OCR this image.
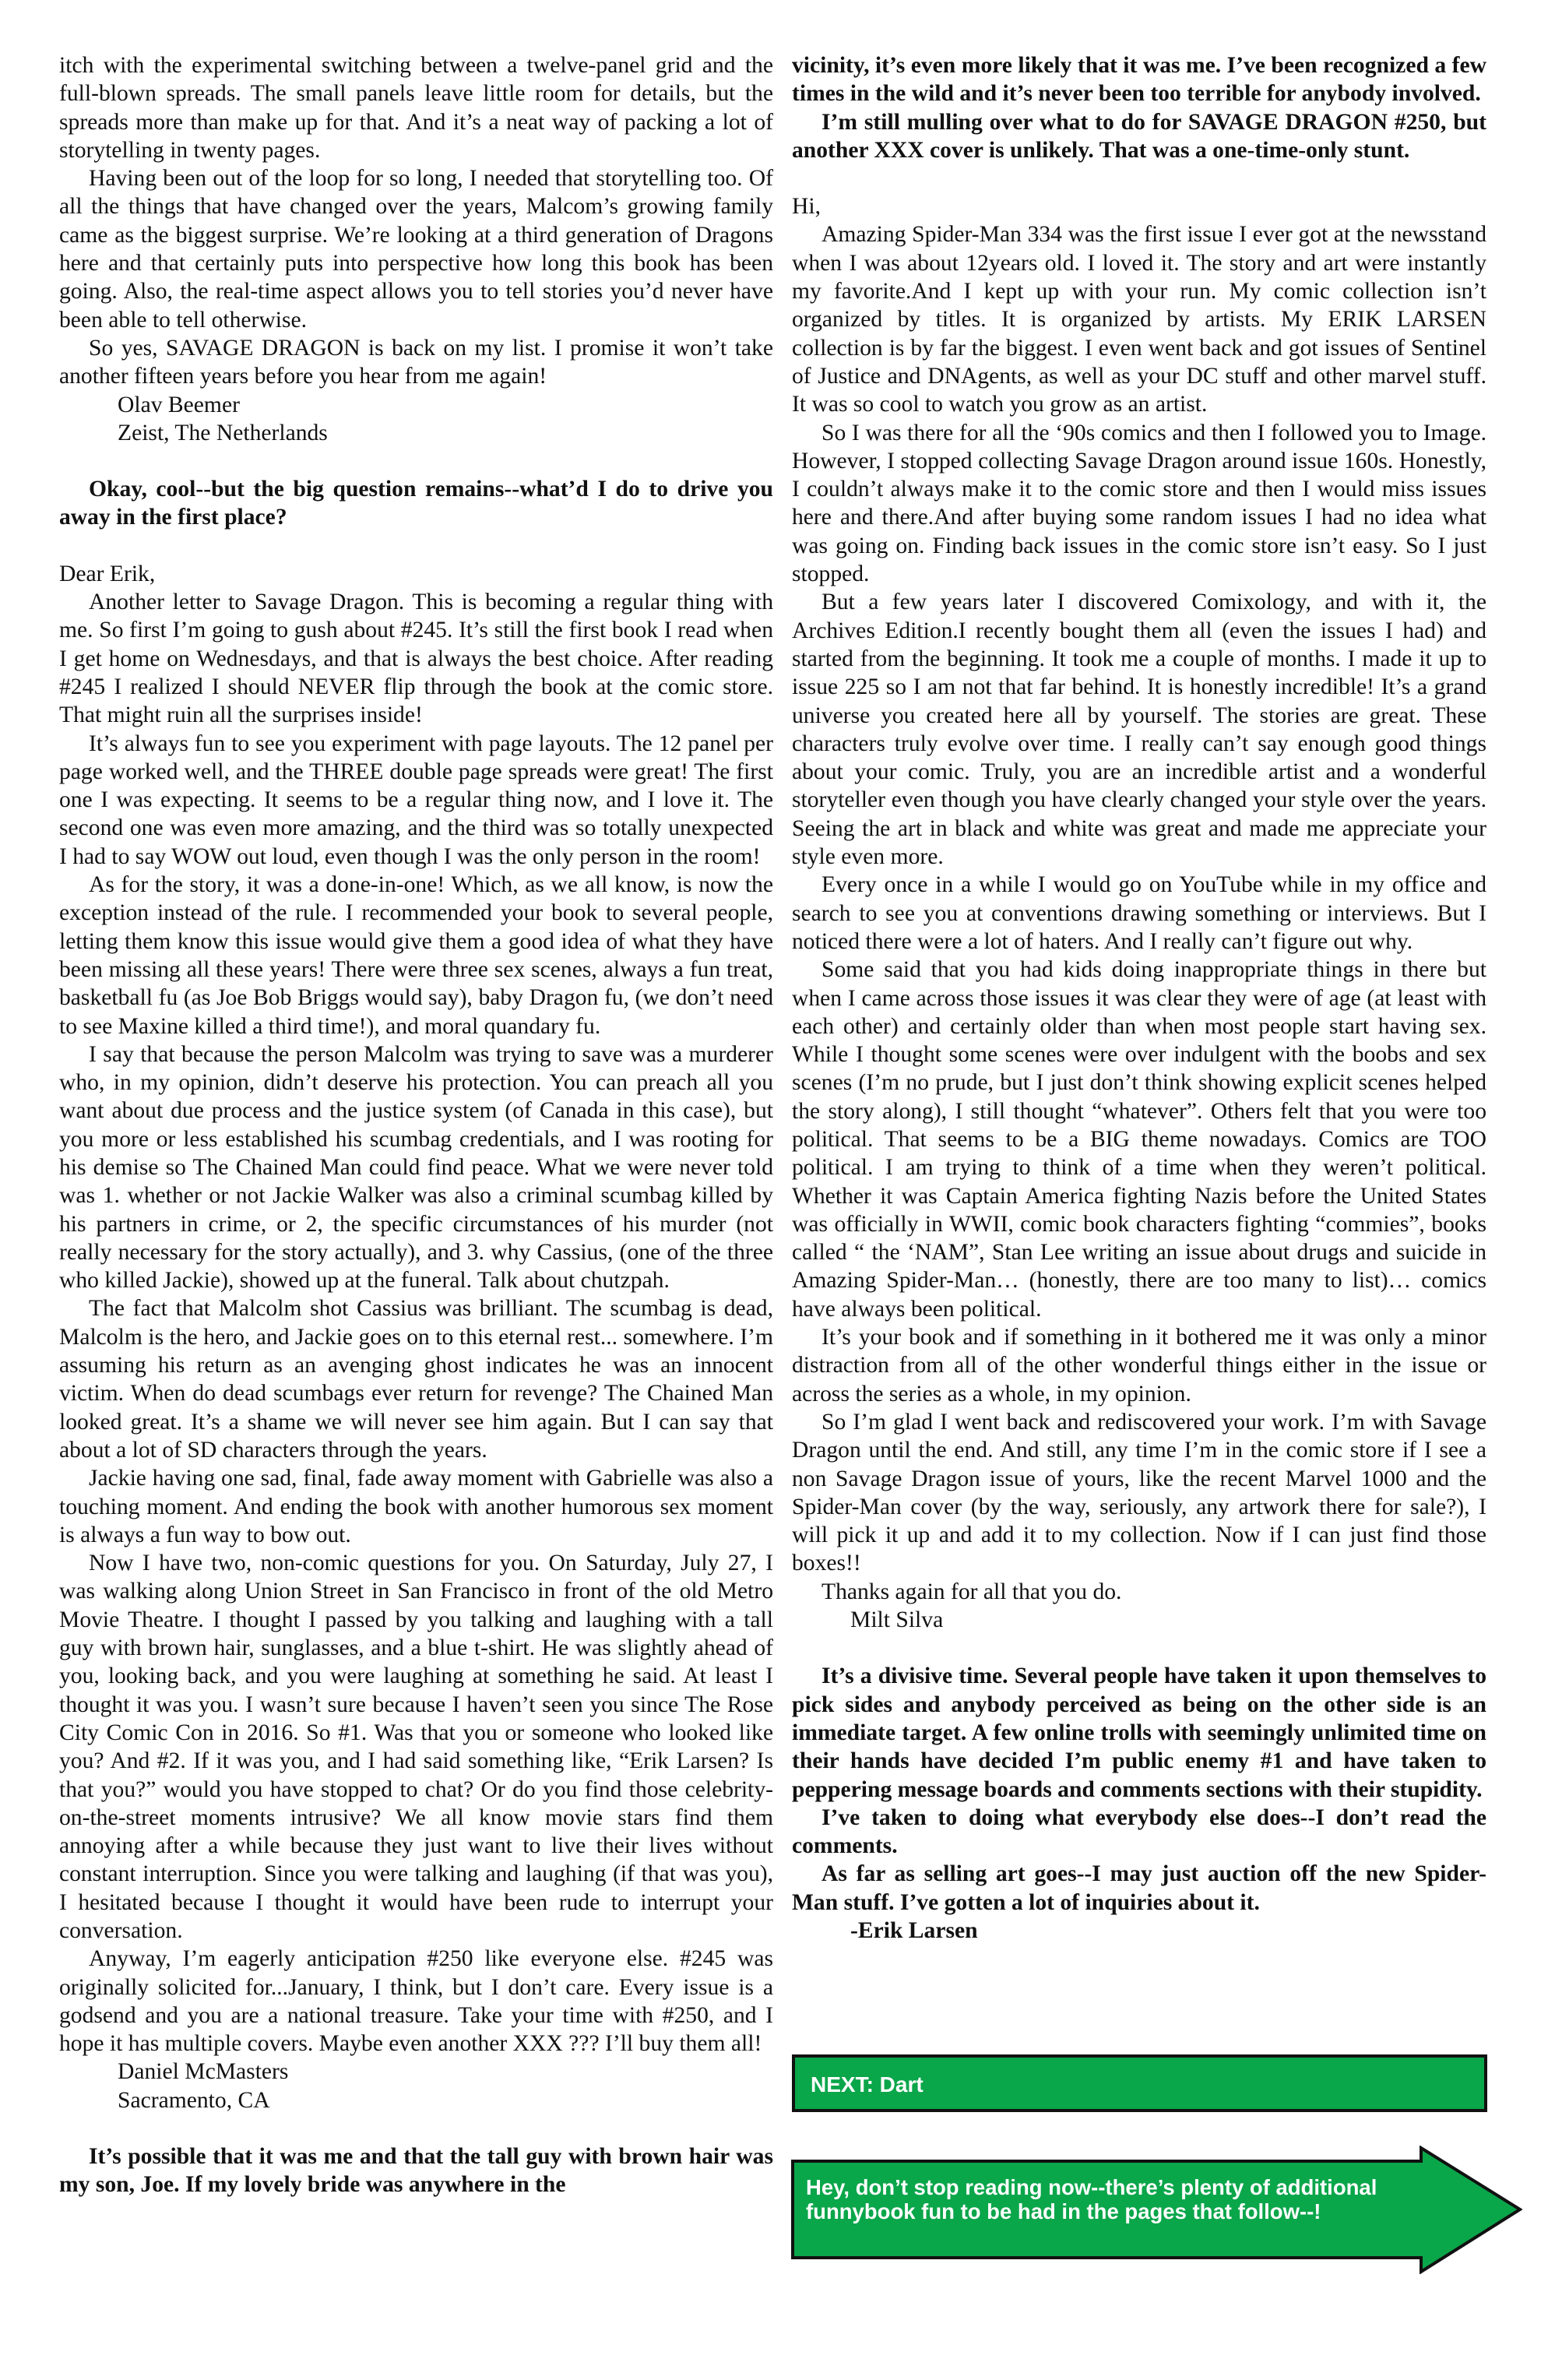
itch with the experimental switching between a twelve-panel grid and the full-blown spreads. The small panels leave little room for details, but the spreads more than make up for that. And it’s a neat way of packing a lot of storytelling in twenty pages.

Having been out of the loop for so long, I needed that storytelling too. Of all the things that have changed over the years, Malcom’s growing family came as the biggest surprise. We’re looking at a third generation of Dragons here and that certainly puts into perspective how long this book has been going. Also, the real-time aspect allows you to tell stories you’d never have been able to tell otherwise.

So yes, SAVAGE DRAGON is back on my list. I promise it won’t take another fifteen years before you hear from me again!

Olav Beemer

Zeist, The Netherlands

Okay, cool--but the big question remains--what’d I do to drive you away in the first place?

Dear Erik,

Another letter to Savage Dragon. This is becoming a regular thing with me. So first I’m going to gush about #245. It’s still the first book I read when I get home on Wednesdays, and that is always the best choice. After reading #245 I realized I should NEVER flip through the book at the comic store. That might ruin all the surprises inside!

It’s always fun to see you experiment with page layouts. The 12 panel per page worked well, and the THREE double page spreads were great! The first one I was expecting. It seems to be a regular thing now, and I love it. The second one was even more amazing, and the third was so totally unexpected I had to say WOW out loud, even though I was the only person in the room!

As for the story, it was a done-in-one! Which, as we all know, is now the exception instead of the rule. I recommended your book to several people, letting them know this issue would give them a good idea of what they have been missing all these years! There were three sex scenes, always a fun treat, basketball fu (as Joe Bob Briggs would say), baby Dragon fu, (we don’t need to see Maxine killed a third time!), and moral quandary fu.

I say that because the person Malcolm was trying to save was a murderer who, in my opinion, didn’t deserve his protection. You can preach all you want about due process and the justice system (of Canada in this case), but you more or less established his scumbag credentials, and I was rooting for his demise so The Chained Man could find peace. What we were never told was 1. whether or not Jackie Walker was also a criminal scumbag killed by his partners in crime, or 2, the specific circumstances of his murder (not really necessary for the story actually), and 3. why Cassius, (one of the three who killed Jackie), showed up at the funeral. Talk about chutzpah.

The fact that Malcolm shot Cassius was brilliant. The scumbag is dead, Malcolm is the hero, and Jackie goes on to this eternal rest... somewhere. I’m assuming his return as an avenging ghost indicates he was an innocent victim. When do dead scumbags ever return for revenge? The Chained Man looked great. It’s a shame we will never see him again. But I can say that about a lot of SD characters through the years.

Jackie having one sad, final, fade away moment with Gabrielle was also a touching moment. And ending the book with another humorous sex moment is always a fun way to bow out.

Now I have two, non-comic questions for you. On Saturday, July 27, I was walking along Union Street in San Francisco in front of the old Metro Movie Theatre. I thought I passed by you talking and laughing with a tall guy with brown hair, sunglasses, and a blue t-shirt. He was slightly ahead of you, looking back, and you were laughing at something he said. At least I thought it was you. I wasn’t sure because I haven’t seen you since The Rose City Comic Con in 2016. So #1. Was that you or someone who looked like you? And #2. If it was you, and I had said something like, “Erik Larsen? Is that you?” would you have stopped to chat? Or do you find those celebrity-on-the-street moments intrusive? We all know movie stars find them annoying after a while because they just want to live their lives without constant interruption. Since you were talking and laughing (if that was you), I hesitated because I thought it would have been rude to interrupt your conversation.

Anyway, I’m eagerly anticipation #250 like everyone else. #245 was originally solicited for...January, I think, but I don’t care. Every issue is a godsend and you are a national treasure. Take your time with #250, and I hope it has multiple covers. Maybe even another XXX ??? I’ll buy them all!

Daniel McMasters

Sacramento, CA

It’s possible that it was me and that the tall guy with brown hair was my son, Joe. If my lovely bride was anywhere in the

vicinity, it’s even more likely that it was me. I’ve been recognized a few times in the wild and it’s never been too terrible for anybody involved.

I’m still mulling over what to do for SAVAGE DRAGON #250, but another XXX cover is unlikely. That was a one-time-only stunt.

Hi,

Amazing Spider-Man 334 was the first issue I ever got at the newsstand when I was about 12years old. I loved it. The story and art were instantly my favorite.And I kept up with your run. My comic collection isn’t organized by titles. It is organized by artists. My ERIK LARSEN collection is by far the biggest. I even went back and got issues of Sentinel of Justice and DNAgents, as well as your DC stuff and other marvel stuff. It was so cool to watch you grow as an artist.

So I was there for all the ‘90s comics and then I followed you to Image. However, I stopped collecting Savage Dragon around issue 160s. Honestly, I couldn’t always make it to the comic store and then I would miss issues here and there.And after buying some random issues I had no idea what was going on. Finding back issues in the comic store isn’t easy. So I just stopped.

But a few years later I discovered Comixology, and with it, the Archives Edition.I recently bought them all (even the issues I had) and started from the beginning. It took me a couple of months. I made it up to issue 225 so I am not that far behind. It is honestly incredible! It’s a grand universe you created here all by yourself. The stories are great. These characters truly evolve over time. I really can’t say enough good things about your comic. Truly, you are an incredible artist and a wonderful storyteller even though you have clearly changed your style over the years. Seeing the art in black and white was great and made me appreciate your style even more.

Every once in a while I would go on YouTube while in my office and search to see you at conventions drawing something or interviews. But I noticed there were a lot of haters. And I really can’t figure out why.

Some said that you had kids doing inappropriate things in there but when I came across those issues it was clear they were of age (at least with each other) and certainly older than when most people start having sex. While I thought some scenes were over indulgent with the boobs and sex scenes (I’m no prude, but I just don’t think showing explicit scenes helped the story along), I still thought “whatever”. Others felt that you were too political. That seems to be a BIG theme nowadays. Comics are TOO political. I am trying to think of a time when they weren’t political. Whether it was Captain America fighting Nazis before the United States was officially in WWII, comic book characters fighting “commies”, books called “ the ‘NAM”, Stan Lee writing an issue about drugs and suicide in Amazing Spider-Man… (honestly, there are too many to list)… comics have always been political.

It’s your book and if something in it bothered me it was only a minor distraction from all of the other wonderful things either in the issue or across the series as a whole, in my opinion.

So I’m glad I went back and rediscovered your work. I’m with Savage Dragon until the end. And still, any time I’m in the comic store if I see a non Savage Dragon issue of yours, like the recent Marvel 1000 and the Spider-Man cover (by the way, seriously, any artwork there for sale?), I will pick it up and add it to my collection. Now if I can just find those boxes!!

Thanks again for all that you do.

Milt Silva

It’s a divisive time. Several people have taken it upon themselves to pick sides and anybody perceived as being on the other side is an immediate target. A few online trolls with seemingly unlimited time on their hands have decided I’m public enemy #1 and have taken to peppering message boards and comments sections with their stupidity.

I’ve taken to doing what everybody else does--I don’t read the comments.

As far as selling art goes--I may just auction off the new Spider-Man stuff. I’ve gotten a lot of inquiries about it.

-Erik Larsen

NEXT: Dart
Hey, don’t stop reading now--there’s plenty of additional funnybook fun to be had in the pages that follow--!
